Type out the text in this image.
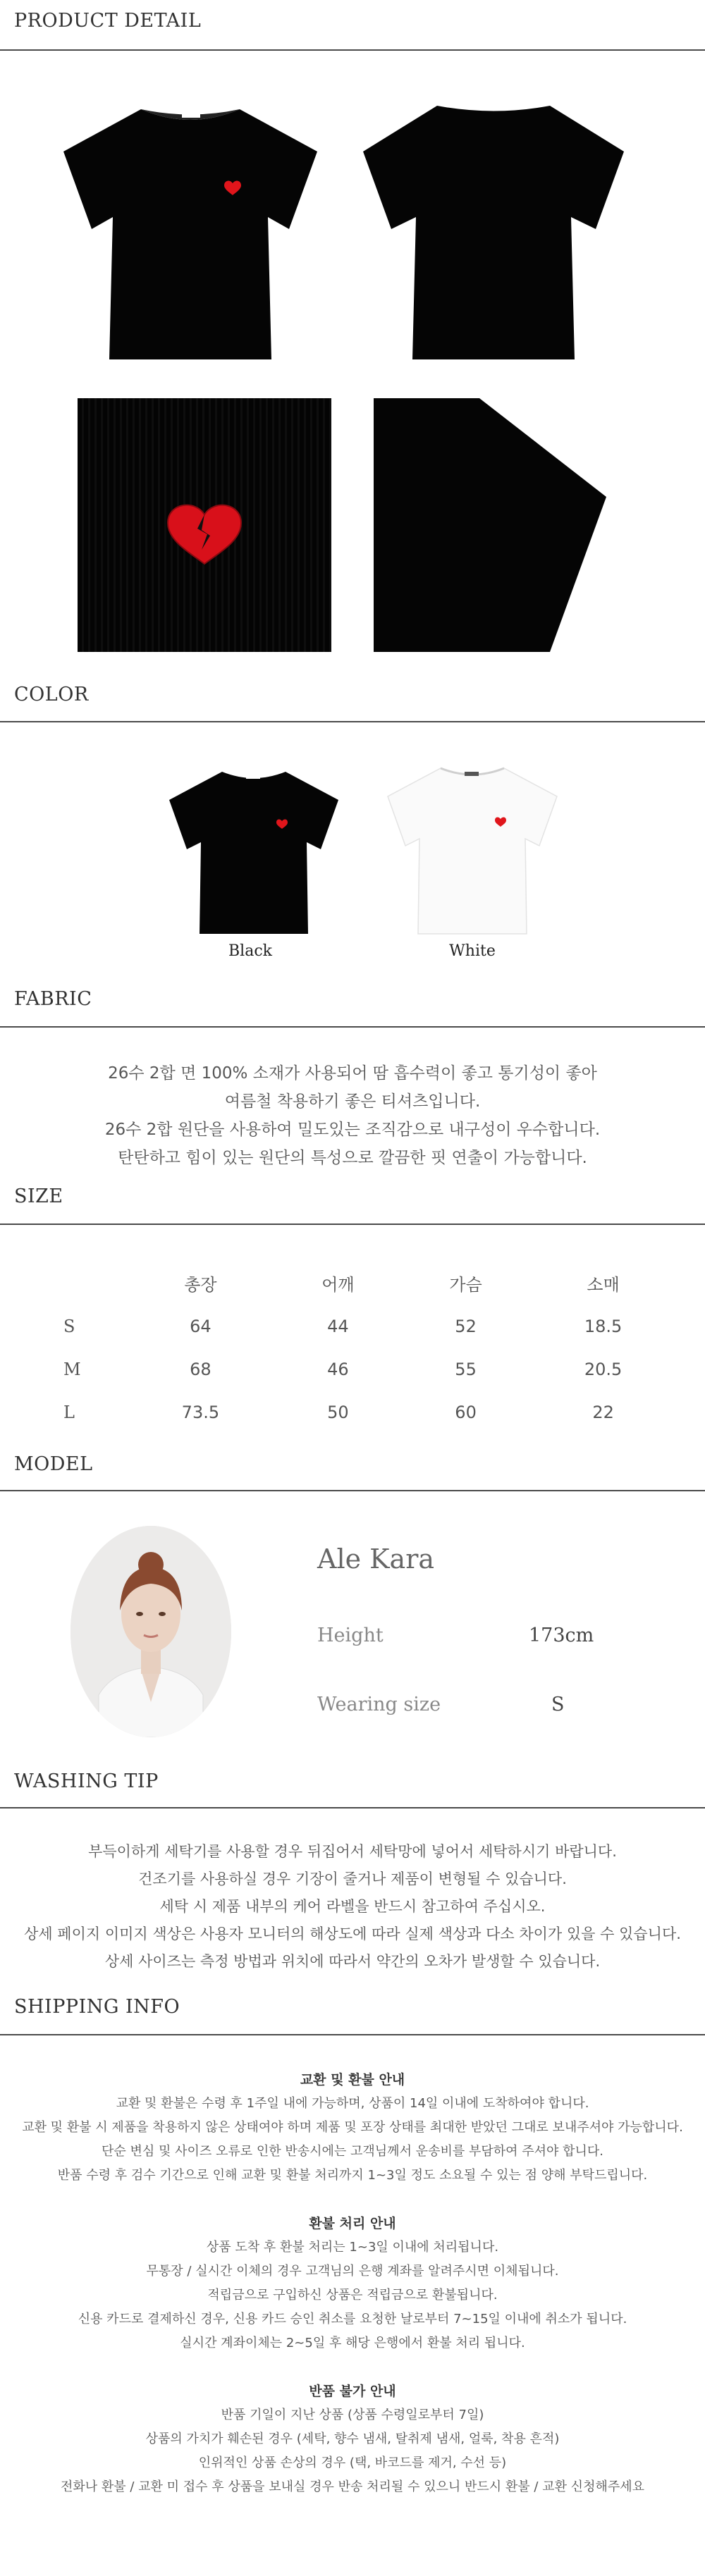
PRODUCT DETAIL
COLOR
Black	White
FABRIC
26수 2합 면 100% 소재가 사용되어 땀 흡수력이 좋고 통기성이 좋아
여름철 착용하기 좋은 티셔츠입니다.
26수 2합 원단을 사용하여 밀도있는 조직감으로 내구성이 우수합니다.
탄탄하고 힘이 있는 원단의 특성으로 깔끔한 핏 연출이 가능합니다.
SIZE
	총장	어깨	가슴	소매
S	64	44	52	18.5
M	68	46	55	20.5
L	73.5	50	60	22
MODEL
Ale Kara
Height	173cm
Wearing size	S
WASHING TIP
부득이하게 세탁기를 사용할 경우 뒤집어서 세탁망에 넣어서 세탁하시기 바랍니다.
건조기를 사용하실 경우 기장이 줄거나 제품이 변형될 수 있습니다.
세탁 시 제품 내부의 케어 라벨을 반드시 참고하여 주십시오.
상세 페이지 이미지 색상은 사용자 모니터의 해상도에 따라 실제 색상과 다소 차이가 있을 수 있습니다.
상세 사이즈는 측정 방법과 위치에 따라서 약간의 오차가 발생할 수 있습니다.
SHIPPING INFO
교환 및 환불 안내
교환 및 환불은 수령 후 1주일 내에 가능하며, 상품이 14일 이내에 도착하여야 합니다.
교환 및 환불 시 제품을 착용하지 않은 상태여야 하며 제품 및 포장 상태를 최대한 받았던 그대로 보내주셔야 가능합니다.
단순 변심 및 사이즈 오류로 인한 반송시에는 고객님께서 운송비를 부담하여 주셔야 합니다.
반품 수령 후 검수 기간으로 인해 교환 및 환불 처리까지 1~3일 정도 소요될 수 있는 점 양해 부탁드립니다.
환불 처리 안내
상품 도착 후 환불 처리는 1~3일 이내에 처리됩니다.
무통장 / 실시간 이체의 경우 고객님의 은행 계좌를 알려주시면 이체됩니다.
적립금으로 구입하신 상품은 적립금으로 환불됩니다.
신용 카드로 결제하신 경우, 신용 카드 승인 취소를 요청한 날로부터 7~15일 이내에 취소가 됩니다.
실시간 계좌이체는 2~5일 후 해당 은행에서 환불 처리 됩니다.
반품 불가 안내
반품 기일이 지난 상품 (상품 수령일로부터 7일)
상품의 가치가 훼손된 경우 (세탁, 향수 냄새, 탈취제 냄새, 얼룩, 착용 흔적)
인위적인 상품 손상의 경우 (택, 바코드를 제거, 수선 등)
전화나 환불 / 교환 미 접수 후 상품을 보내실 경우 반송 처리될 수 있으니 반드시 환불 / 교환 신청해주세요
